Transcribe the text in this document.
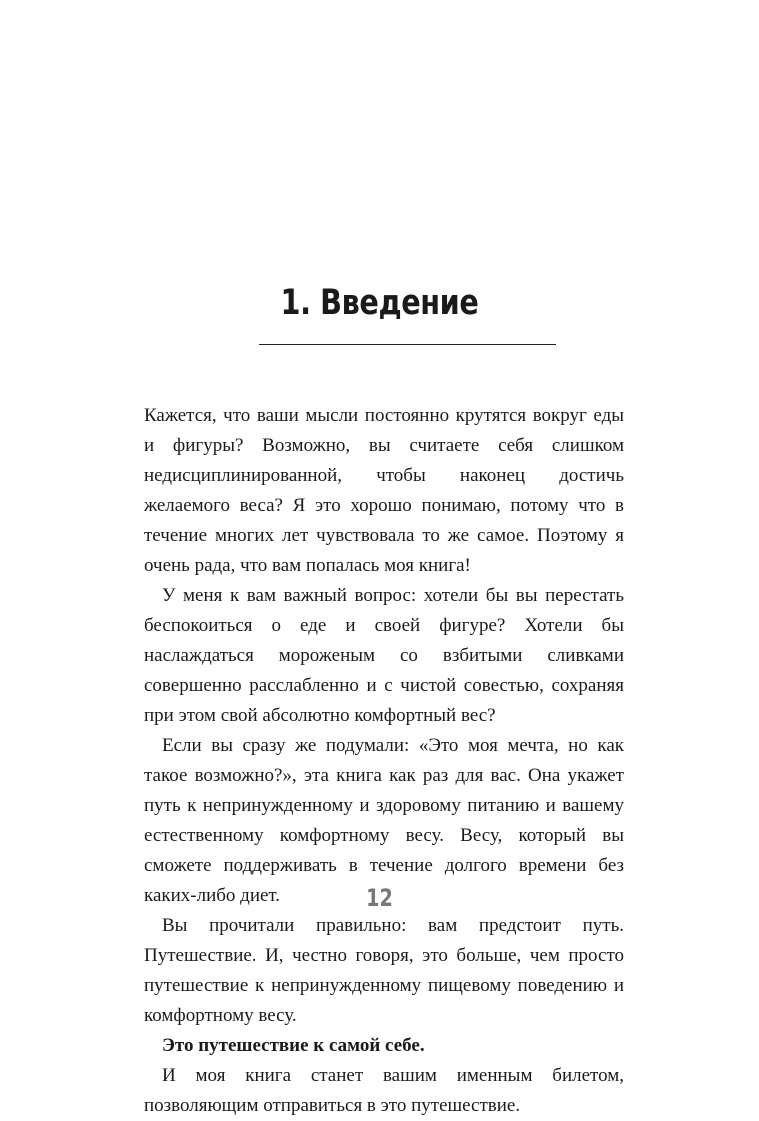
1. Введение

Кажется, что ваши мысли постоянно крутятся вокруг еды и фигуры? Возможно, вы считаете себя слишком недисциплинированной, чтобы наконец достичь желаемого веса? Я это хорошо понимаю, потому что в течение многих лет чувствовала то же самое. Поэтому я очень рада, что вам попалась моя книга!

У меня к вам важный вопрос: хотели бы вы перестать беспокоиться о еде и своей фигуре? Хотели бы наслаждаться мороженым со взбитыми сливками совершенно расслабленно и с чистой совестью, сохраняя при этом свой абсолютно комфортный вес?

Если вы сразу же подумали: «Это моя мечта, но как такое возможно?», эта книга как раз для вас. Она укажет путь к непринужденному и здоровому питанию и вашему естественному комфортному весу. Весу, который вы сможете поддерживать в течение долгого времени без каких-либо диет.

Вы прочитали правильно: вам предстоит путь. Путешествие. И, честно говоря, это больше, чем просто путешествие к непринужденному пищевому поведению и комфортному весу.

Это путешествие к самой себе.

И моя книга станет вашим именным билетом, позволяющим отправиться в это путешествие.

12
